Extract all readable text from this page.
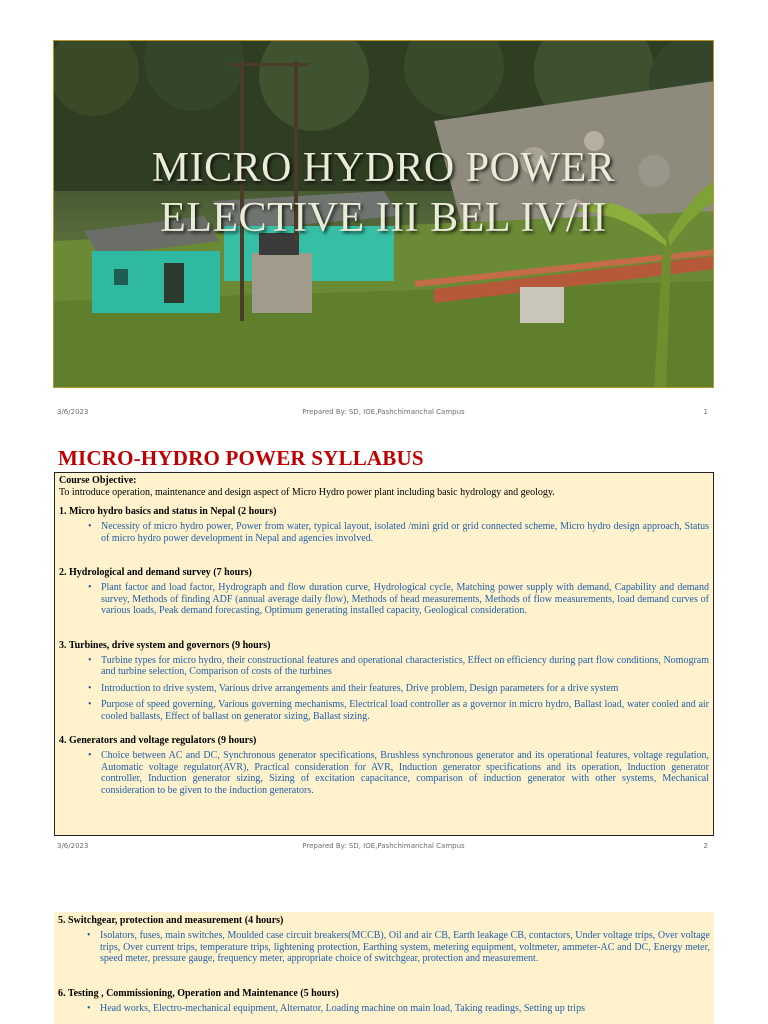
MICRO HYDRO POWER
ELECTIVE III BEL IV/II
3/6/2023	Prepared By: SD, IOE,Pashchimanchal Campus	1
MICRO-HYDRO POWER SYLLABUS
Course Objective:
To introduce operation, maintenance and design aspect of Micro Hydro power plant including basic hydrology and geology.
1. Micro hydro basics and status in Nepal (2 hours)
• Necessity of micro hydro power, Power from water, typical layout, isolated /mini grid or grid connected scheme, Micro hydro design approach, Status of micro hydro power development in Nepal and agencies involved.
2. Hydrological and demand survey (7 hours)
• Plant factor and load factor, Hydrograph and flow duration curve, Hydrological cycle, Matching power supply with demand, Capability and demand survey, Methods of finding ADF (annual average daily flow), Methods of head measurements, Methods of flow measurements, load demand curves of various loads, Peak demand forecasting, Optimum generating installed capacity, Geological consideration.
3. Turbines, drive system and governors (9 hours)
• Turbine types for micro hydro, their constructional features and operational characteristics, Effect on efficiency during part flow conditions, Nomogram and turbine selection, Comparison of costs of the turbines
• Introduction to drive system, Various drive arrangements and their features, Drive problem, Design parameters for a drive system
• Purpose of speed governing, Various governing mechanisms, Electrical load controller as a governor in micro hydro, Ballast load, water cooled and air cooled ballasts, Effect of ballast on generator sizing, Ballast sizing.
4. Generators and voltage regulators (9 hours)
• Choice between AC and DC, Synchronous generator specifications, Brushless synchronous generator and its operational features, voltage regulation, Automatic voltage regulator(AVR), Practical consideration for AVR, Induction generator specifications and its operation, Induction generator controller, Induction generator sizing, Sizing of excitation capacitance, comparison of induction generator with other systems, Mechanical consideration to be given to the induction generators.
3/6/2023	Prepared By: SD, IOE,Pashchimanchal Campus	2
5. Switchgear, protection and measurement (4 hours)
• Isolators, fuses, main switches, Moulded case circuit breakers(MCCB), Oil and air CB, Earth leakage CB, contactors, Under voltage trips, Over voltage trips, Over current trips, temperature trips, lightening protection, Earthing system, metering equipment, voltmeter, ammeter-AC and DC, Energy meter, speed meter, pressure gauge, frequency meter, appropriate choice of switchgear, protection and measurement.
6. Testing , Commissioning, Operation and Maintenance (5 hours)
• Head works, Electro-mechanical equipment, Alternator, Loading machine on main load, Taking readings, Setting up trips
